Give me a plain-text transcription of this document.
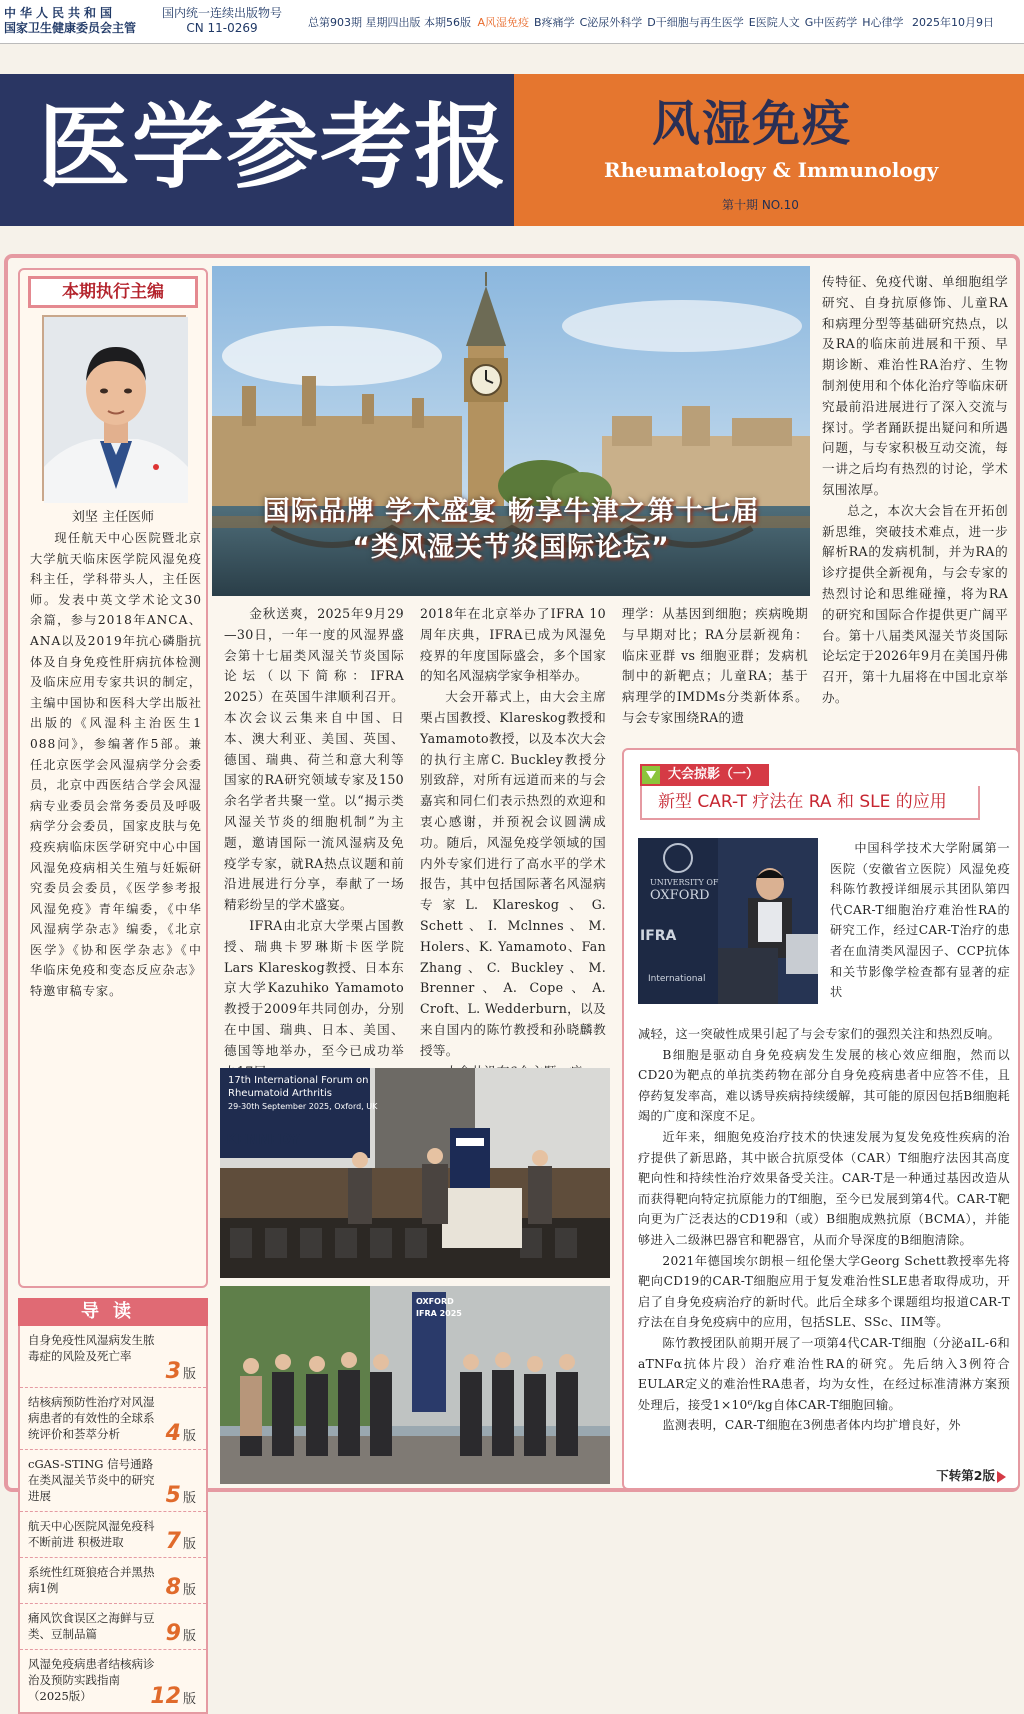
中华人民共和国
国家卫生健康委员会主管
国内统一连续出版物号
CN 11-0269	总第903期 星期四出版 本期56版 A风湿免疫 B疼痛学 C泌尿外科学 D干细胞与再生医学 E医院人文 G中医药学 H心律学 2025年10月9日
医学参考报	风湿免疫
Rheumatology & Immunology
第十期 NO.10
本期执行主编
刘坚 主任医师
现任航天中心医院暨北京大学航天临床医学院风湿免疫科主任，学科带头人，主任医师。发表中英文学术论文30余篇，参与2018年ANCA、ANA以及2019年抗心磷脂抗体及自身免疫性肝病抗体检测及临床应用专家共识的制定，主编中国协和医科大学出版社出版的《风湿科主治医生1 088问》，参编著作5部。兼任北京医学会风湿病学分会委员，北京中西医结合学会风湿病专业委员会常务委员及呼吸病学分会委员，国家皮肤与免疫疾病临床医学研究中心中国风湿免疫病相关生殖与妊娠研究委员会委员，《医学参考报风湿免疫》青年编委，《中华风湿病学杂志》编委，《北京医学》《协和医学杂志》《中华临床免疫和变态反应杂志》特邀审稿专家。
导读
自身免疫性风湿病发生脓毒症的风险及死亡率
3 版
结核病预防性治疗对风湿病患者的有效性的全球系统评价和荟萃分析 4 版
cGAS-STING 信号通路在类风湿关节炎中的研究进展	5 版
航天中心医院风湿免疫科不断前进 积极进取 7 版
系统性红斑狼疮合并黑热病1例	8 版
痛风饮食误区之海鲜与豆类、豆制品篇	9 版
风湿免疫病患者结核病诊治及预防实践指南（2025版）	12 版
国际品牌 学术盛宴 畅享牛津之第十七届
“类风湿关节炎国际论坛”

金秋送爽，2025年9月29—30日，一年一度的风湿界盛会第十七届类风湿关节炎国际论坛（以下简称：IFRA 2025）在英国牛津顺利召开。本次会议云集来自中国、日本、澳大利亚、美国、英国、德国、瑞典、荷兰和意大利等国家的RA研究领域专家及150余名学者共聚一堂。以“揭示类风湿关节炎的细胞机制”为主题，邀请国际一流风湿病及免疫学专家，就RA热点议题和前沿进展进行分享，奉献了一场精彩纷呈的学术盛宴。

IFRA由北京大学栗占国教授、瑞典卡罗琳斯卡医学院Lars Klareskog教授、日本东京大学Kazuhiko Yamamoto教授于2009年共同创办，分别在中国、瑞典、日本、美国、德国等地举办，至今已成功举

2018年在北京举办了IFRA 10周年庆典，IFRA已成为风湿免疫界的年度国际盛会，多个国家的知名风湿病学家争相举办。

大会开幕式上，由大会主席栗占国教授、Klareskog教授和Yamamoto教授，以及本次大会的执行主席C. Buckley教授分别致辞，对所有远道而来的与会嘉宾和同仁们表示热烈的欢迎和衷心感谢，并预祝会议圆满成功。随后，风湿免疫学领域的国内外专家们进行了高水平的学术报告，其中包括国际著名风湿病专家L. Klareskog、G. Schett、I. Mclnnes、M. Holers、K. Yamamoto、Fan Zhang、C. Buckley、M. Brenner、A. Cope、A. Croft、L. Wedderburn，以及来自国内的陈竹教授和孙晓麟教授等。

理学：从基因到细胞；疾病晚期与早期对比；RA分层新视角：临床亚群 vs 细胞亚群；发病机制中的新靶点；儿童RA；基于病理学的IMDMs分类新体系。与会专家围绕RA的遗

传特征、免疫代谢、单细胞组学研究、自身抗原修饰、儿童RA和病理分型等基础研究热点，以及RA的临床前进展和干预、早期诊断、难治性RA治疗、生物制剂使用和个体化治疗等临床研究最前沿进展进行了深入交流与探讨。学者踊跃提出疑问和所遇问题，与专家积极互动交流，每一讲之后均有热烈的讨论，学术氛围浓厚。

总之，本次大会旨在开拓创新思维，突破技术难点，进一步解析RA的发病机制，并为RA的诊疗提供全新视角，与会专家的热烈讨论和思维碰撞，将为RA的研究和国际合作提供更广阔平台。第十八届类风湿关节炎国际论坛定于2026年9月在美国丹佛召开，第十九届将在中国北京举办。

17th International Forum on
Rheumatoid Arthritis
29-30th September 2025, Oxford, UK
KENNEDY
OXFORD
IFRA 2025
大会掠影（一）
新型 CAR-T 疗法在 RA 和 SLE 的应用
UNIVERSITY OF
OXFORD
IFRA
International

中国科学技术大学附属第一医院（安徽省立医院）风湿免疫科陈竹教授详细展示其团队第四代CAR-T细胞治疗难治性RA的研究工作，经过CAR-T治疗的患者在血清类风湿因子、CCP抗体和关节影像学检查都有显著的症状

减轻，这一突破性成果引起了与会专家们的强烈关注和热烈反响。

B细胞是驱动自身免疫病发生发展的核心效应细胞，然而以CD20为靶点的单抗类药物在部分自身免疫病患者中应答不佳，且停药复发率高，难以诱导疾病持续缓解，其可能的原因包括B细胞耗竭的广度和深度不足。

近年来，细胞免疫治疗技术的快速发展为复发免疫性疾病的治疗提供了新思路，其中嵌合抗原受体（CAR）T细胞疗法因其高度靶向性和持续性治疗效果备受关注。CAR-T是一种通过基因改造从而获得靶向特定抗原能力的T细胞，至今已发展到第4代。CAR-T靶向更为广泛表达的CD19和（或）B细胞成熟抗原（BCMA），并能够进入二级淋巴器官和靶器官，从而介导深度的B细胞清除。

2021年德国埃尔朗根－纽伦堡大学Georg Schett教授率先将靶向CD19的CAR-T细胞应用于复发难治性SLE患者取得成功，开启了自身免疫病治疗的新时代。此后全球多个课题组均报道CAR-T疗法在自身免疫病中的应用，包括SLE、SSc、IIM等。

陈竹教授团队前期开展了一项第4代CAR-T细胞（分泌aIL-6和aTNFα抗体片段）治疗难治性RA的研究。先后纳入3例符合EULAR定义的难治性RA患者，均为女性，在经过标准清淋方案预处理后，接受1×10⁶/kg自体CAR-T细胞回输。

监测表明，CAR-T细胞在3例患者体内均扩增良好，外

下转第2版
